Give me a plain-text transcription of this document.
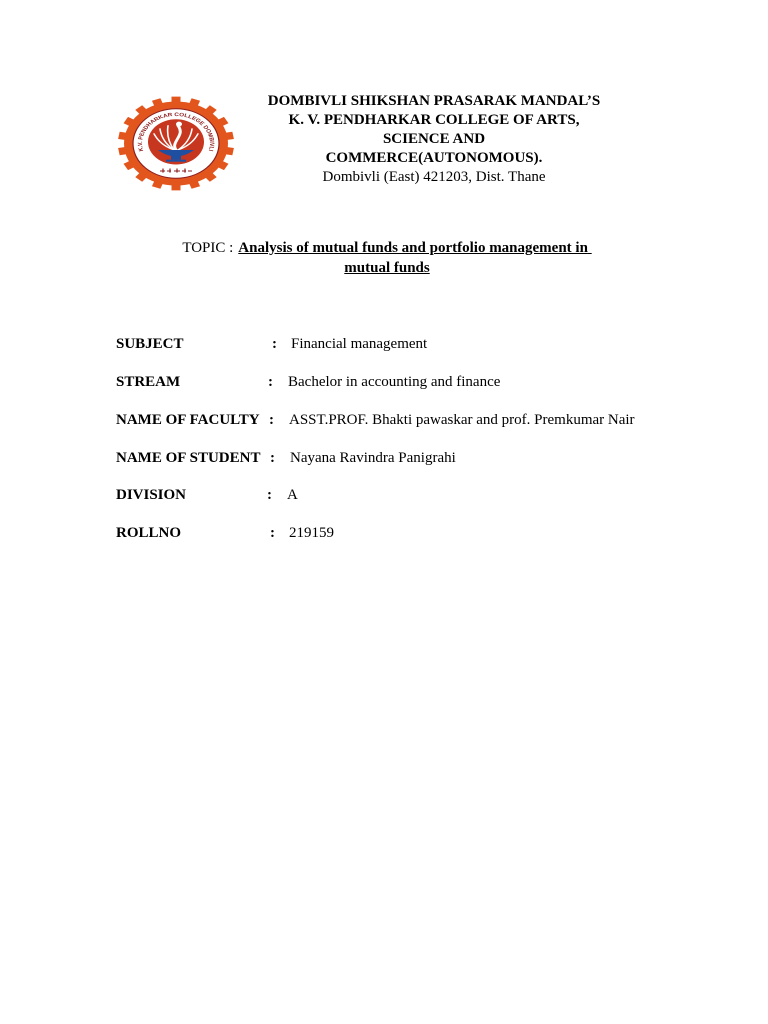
K.V. PENDHARKAR COLLEGE DOMBIVLI
DOMBIVLI SHIKSHAN PRASARAK MANDAL’S
K. V. PENDHARKAR COLLEGE OF ARTS,
SCIENCE AND
COMMERCE(AUTONOMOUS).
Dombivli (East) 421203, Dist. Thane
TOPIC : Analysis of mutual funds and portfolio management in
mutual funds
SUBJECT	: Financial management
STREAM	: Bachelor in accounting and finance
NAME OF FACULTY : ASST.PROF. Bhakti pawaskar and prof. Premkumar Nair
NAME OF STUDENT : Nayana Ravindra Panigrahi
DIVISION	: A
ROLLNO	: 219159
